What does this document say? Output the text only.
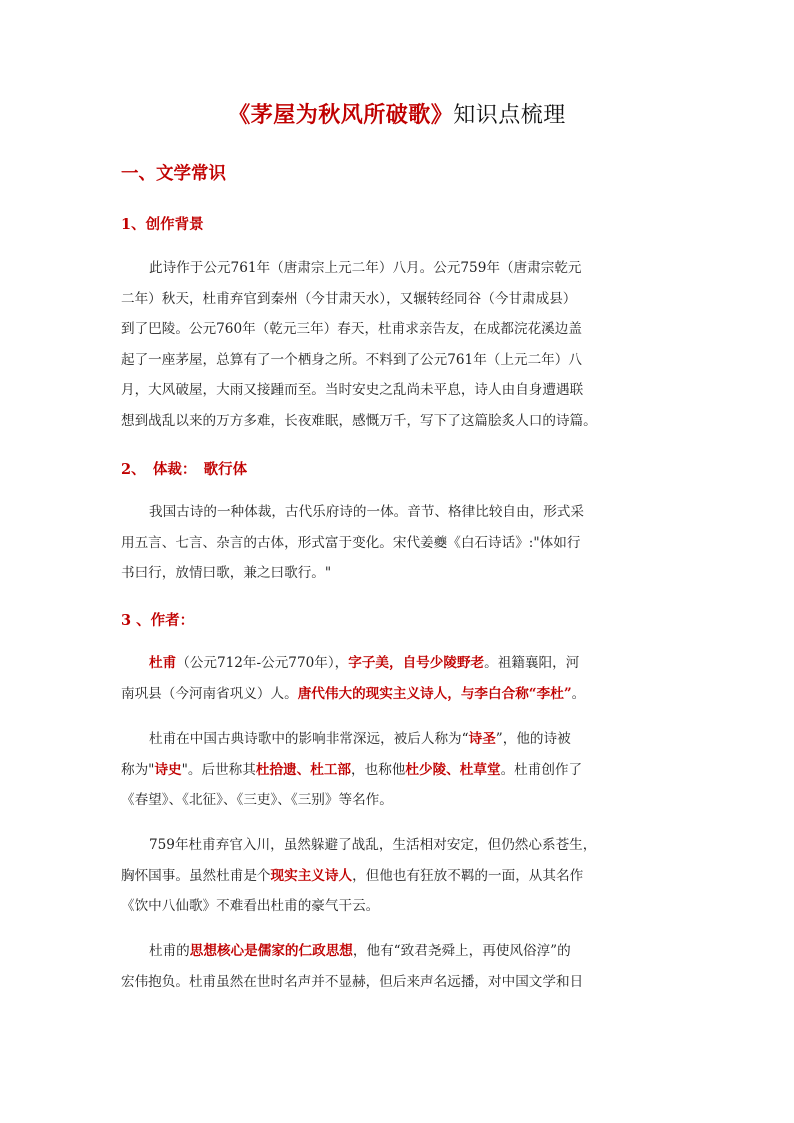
《茅屋为秋风所破歌》知识点梳理
一、文学常识
1、创作背景
此诗作于公元761年（唐肃宗上元二年）八月。公元759年（唐肃宗乾元
二年）秋天，杜甫弃官到秦州（今甘肃天水），又辗转经同谷（今甘肃成县）
到了巴陵。公元760年（乾元三年）春天，杜甫求亲告友，在成都浣花溪边盖
起了一座茅屋，总算有了一个栖身之所。不料到了公元761年（上元二年）八
月，大风破屋，大雨又接踵而至。当时安史之乱尚未平息，诗人由自身遭遇联
想到战乱以来的万方多难，长夜难眠，感慨万千，写下了这篇脍炙人口的诗篇。
2、　体裁：　歌行体
我国古诗的一种体裁，古代乐府诗的一体。音节、格律比较自由，形式采
用五言、七言、杂言的古体，形式富于变化。宋代姜夔《白石诗话》:"体如行
书曰行，放情曰歌，兼之曰歌行。"
3 、作者：
杜甫（公元712年-公元770年），字子美，自号少陵野老。祖籍襄阳，河
南巩县（今河南省巩义）人。唐代伟大的现实主义诗人，与李白合称“李杜”。
杜甫在中国古典诗歌中的影响非常深远，被后人称为“诗圣”，他的诗被
称为"诗史"。后世称其杜拾遗、杜工部，也称他杜少陵、杜草堂。杜甫创作了
《春望》、《北征》、《三吏》、《三别》等名作。
759年杜甫弃官入川，虽然躲避了战乱，生活相对安定，但仍然心系苍生，
胸怀国事。虽然杜甫是个现实主义诗人，但他也有狂放不羁的一面，从其名作
《饮中八仙歌》不难看出杜甫的豪气干云。
杜甫的思想核心是儒家的仁政思想，他有“致君尧舜上，再使风俗淳”的
宏伟抱负。杜甫虽然在世时名声并不显赫，但后来声名远播，对中国文学和日
